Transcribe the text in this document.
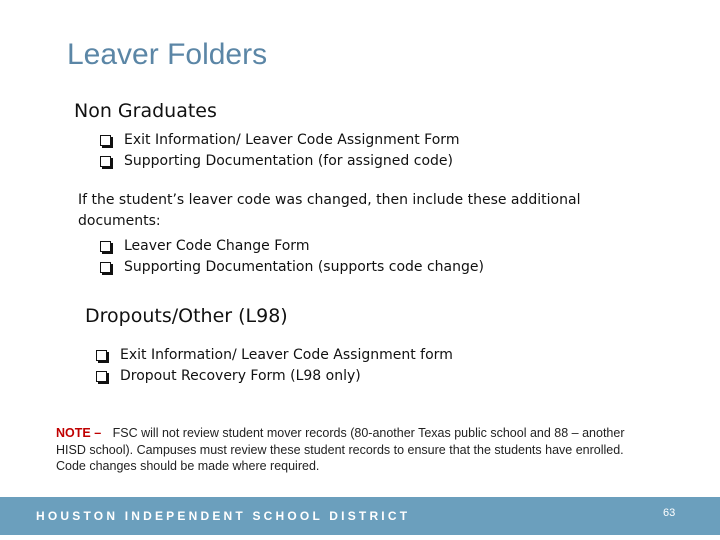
Leaver Folders
Non Graduates
Exit Information/ Leaver Code Assignment Form
Supporting Documentation (for assigned code)

If the student’s leaver code was changed, then include these additional documents:

Leaver Code Change Form
Supporting Documentation (supports code change)
Dropouts/Other (L98)
Exit Information/ Leaver Code Assignment form
Dropout Recovery Form (L98 only)

NOTE – FSC will not review student mover records (80-another Texas public school and 88 – another HISD school). Campuses must review these student records to ensure that the students have enrolled. Code changes should be made where required.

HOUSTON INDEPENDENT SCHOOL DISTRICT	63
